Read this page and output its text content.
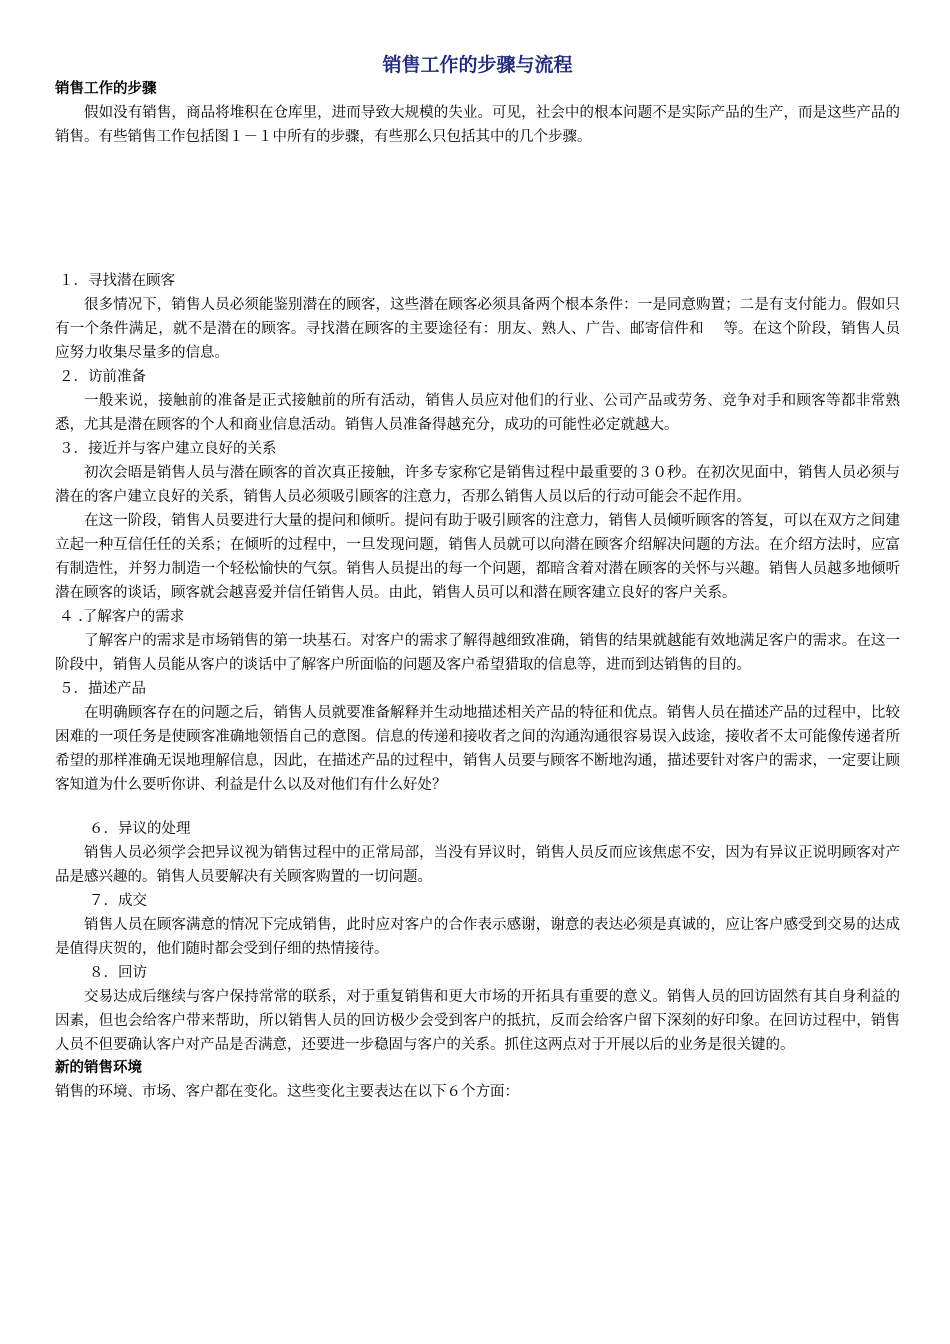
销售工作的步骤与流程
销售工作的步骤

假如没有销售，商品将堆积在仓库里，进而导致大规模的失业。可见，社会中的根本问题不是实际产品的生产，而是这些产品的销售。有些销售工作包括图１－１中所有的步骤，有些那么只包括其中的几个步骤。

１．寻找潜在顾客

很多情况下，销售人员必须能鉴别潜在的顾客，这些潜在顾客必须具备两个根本条件：一是同意购置；二是有支付能力。假如只有一个条件满足，就不是潜在的顾客。寻找潜在顾客的主要途径有：朋友、熟人、广告、邮寄信件和　 等。在这个阶段，销售人员应努力收集尽量多的信息。

２．访前准备

一般来说，接触前的准备是正式接触前的所有活动，销售人员应对他们的行业、公司产品或劳务、竞争对手和顾客等都非常熟悉，尤其是潜在顾客的个人和商业信息活动。销售人员准备得越充分，成功的可能性必定就越大。

３．接近并与客户建立良好的关系

初次会晤是销售人员与潜在顾客的首次真正接触，许多专家称它是销售过程中最重要的３０秒。在初次见面中，销售人员必须与潜在的客户建立良好的关系，销售人员必须吸引顾客的注意力，否那么销售人员以后的行动可能会不起作用。

在这一阶段，销售人员要进行大量的提问和倾听。提问有助于吸引顾客的注意力，销售人员倾听顾客的答复，可以在双方之间建立起一种互信任任的关系；在倾听的过程中，一旦发现问题，销售人员就可以向潜在顾客介绍解决问题的方法。在介绍方法时，应富有制造性，并努力制造一个轻松愉快的气氛。销售人员提出的每一个问题，都暗含着对潜在顾客的关怀与兴趣。销售人员越多地倾听潜在顾客的谈话，顾客就会越喜爱并信任销售人员。由此，销售人员可以和潜在顾客建立良好的客户关系。

４ .了解客户的需求

了解客户的需求是市场销售的第一块基石。对客户的需求了解得越细致准确，销售的结果就越能有效地满足客户的需求。在这一阶段中，销售人员能从客户的谈话中了解客户所面临的问题及客户希望猎取的信息等，进而到达销售的目的。

５．描述产品

在明确顾客存在的问题之后，销售人员就要准备解释并生动地描述相关产品的特征和优点。销售人员在描述产品的过程中，比较困难的一项任务是使顾客准确地领悟自己的意图。信息的传递和接收者之间的沟通沟通很容易误入歧途，接收者不太可能像传递者所希望的那样准确无误地理解信息，因此，在描述产品的过程中，销售人员要与顾客不断地沟通，描述要针对客户的需求，一定要让顾客知道为什么要听你讲、利益是什么以及对他们有什么好处？

６．异议的处理

销售人员必须学会把异议视为销售过程中的正常局部，当没有异议时，销售人员反而应该焦虑不安，因为有异议正说明顾客对产品是感兴趣的。销售人员要解决有关顾客购置的一切问题。

７．成交

销售人员在顾客满意的情况下完成销售，此时应对客户的合作表示感谢，谢意的表达必须是真诚的，应让客户感受到交易的达成是值得庆贺的，他们随时都会受到仔细的热情接待。

８．回访

交易达成后继续与客户保持常常的联系，对于重复销售和更大市场的开拓具有重要的意义。销售人员的回访固然有其自身利益的因素，但也会给客户带来帮助，所以销售人员的回访极少会受到客户的抵抗，反而会给客户留下深刻的好印象。在回访过程中，销售人员不但要确认客户对产品是否满意，还要进一步稳固与客户的关系。抓住这两点对于开展以后的业务是很关键的。

新的销售环境

销售的环境、市场、客户都在变化。这些变化主要表达在以下６个方面：
